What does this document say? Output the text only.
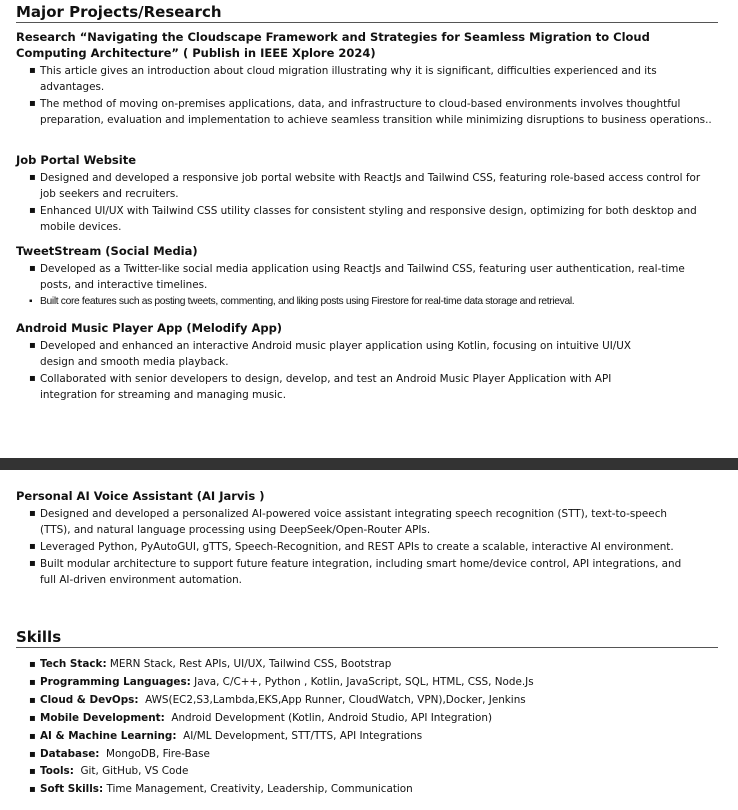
Major Projects/Research
Research “Navigating the Cloudscape Framework and Strategies for Seamless Migration to Cloud
Computing Architecture” ( Publish in IEEE Xplore 2024)
▪ This article gives an introduction about cloud migration illustrating why it is significant, difficulties experienced and its advantages.
▪ The method of moving on-premises applications, data, and infrastructure to cloud-based environments involves thoughtful preparation, evaluation and implementation to achieve seamless transition while minimizing disruptions to business operations..
Job Portal Website
▪ Designed and developed a responsive job portal website with ReactJs and Tailwind CSS, featuring role-based access control for job seekers and recruiters.
▪ Enhanced UI/UX with Tailwind CSS utility classes for consistent styling and responsive design, optimizing for both desktop and mobile devices.
TweetStream (Social Media)
▪ Developed as a Twitter-like social media application using ReactJs and Tailwind CSS, featuring user authentication, real-time posts, and interactive timelines.
▪ Built core features such as posting tweets, commenting, and liking posts using Firestore for real-time data storage and retrieval.
Android Music Player App (Melodify App)
▪ Developed and enhanced an interactive Android music player application using Kotlin, focusing on intuitive UI/UX design and smooth media playback.
▪ Collaborated with senior developers to design, develop, and test an Android Music Player Application with API integration for streaming and managing music.
Personal AI Voice Assistant (AI Jarvis )
▪ Designed and developed a personalized AI-powered voice assistant integrating speech recognition (STT), text-to-speech (TTS), and natural language processing using DeepSeek/Open-Router APIs.
▪ Leveraged Python, PyAutoGUI, gTTS, Speech-Recognition, and REST APIs to create a scalable, interactive AI environment.
▪ Built modular architecture to support future feature integration, including smart home/device control, API integrations, and full AI-driven environment automation.
Skills
▪ Tech Stack: MERN Stack, Rest APIs, UI/UX, Tailwind CSS, Bootstrap
▪ Programming Languages: Java, C/C++, Python , Kotlin, JavaScript, SQL, HTML, CSS, Node.Js
▪ Cloud & DevOps:  AWS(EC2,S3,Lambda,EKS,App Runner, CloudWatch, VPN),Docker, Jenkins
▪ Mobile Development:  Android Development (Kotlin, Android Studio, API Integration)
▪ AI & Machine Learning:  AI/ML Development, STT/TTS, API Integrations
▪ Database:  MongoDB, Fire-Base
▪ Tools:  Git, GitHub, VS Code
▪ Soft Skills: Time Management, Creativity, Leadership, Communication
